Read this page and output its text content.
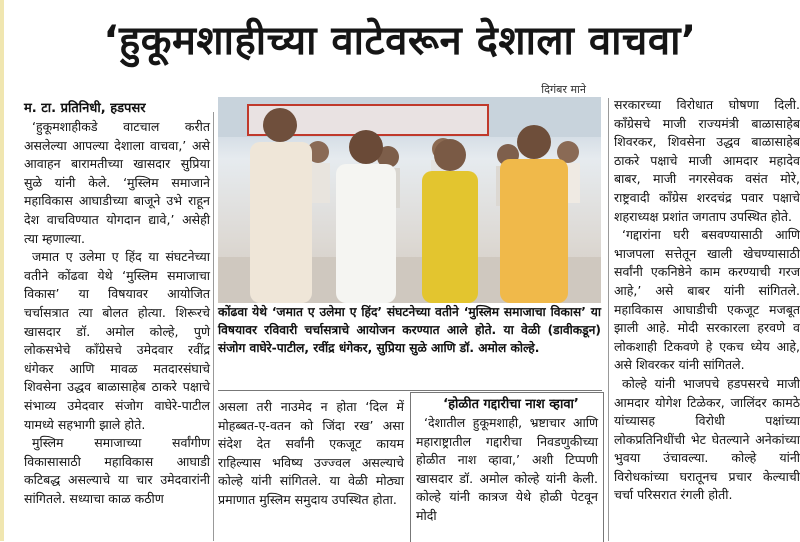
‘हुकूमशाहीच्या वाटेवरून देशाला वाचवा’
म. टा. प्रतिनिधी, हडपसर
दिगंबर माने

‘हुकूमशाहीकडे वाटचाल करीत असलेल्या आपल्या देशाला वाचवा,’ असे आवाहन बारामतीच्या खासदार सुप्रिया सुळे यांनी केले. ‘मुस्लिम समाजाने महाविकास आघाडीच्या बाजूने उभे राहून देश वाचविण्यात योगदान द्यावे,’ असेही त्या म्हणाल्या.

जमात ए उलेमा ए हिंद या संघटनेच्या वतीने कोंढवा येथे ‘मुस्लिम समाजाचा विकास’ या विषयावर आयोजित चर्चासत्रात त्या बोलत होत्या. शिरूरचे खासदार डॉ. अमोल कोल्हे, पुणे लोकसभेचे काँग्रेसचे उमेदवार रवींद्र धंगेकर आणि मावळ मतदारसंघाचे शिवसेना उद्धव बाळासाहेब ठाकरे पक्षाचे संभाव्य उमेदवार संजोग वाघेरे-पाटील यामध्ये सहभागी झाले होते.

मुस्लिम समाजाच्या सर्वांगीण विकासासाठी महाविकास आघाडी कटिबद्ध असल्याचे या चार उमेदवारांनी सांगितले. सध्याचा काळ कठीण

कोंढवा येथे ‘जमात ए उलेमा ए हिंद’ संघटनेच्या वतीने ‘मुस्लिम समाजाचा विकास’ या विषयावर रविवारी चर्चासत्राचे आयोजन करण्यात आले होते. या वेळी (डावीकडून) संजोग वाघेरे-पाटील, रवींद्र धंगेकर, सुप्रिया सुळे आणि डॉ. अमोल कोल्हे.

असला तरी नाउमेद न होता ‘दिल में मोहब्बत-ए-वतन को जिंदा रख’ असा संदेश देत सर्वांनी एकजूट कायम राहिल्यास भविष्य उज्ज्वल असल्याचे कोल्हे यांनी सांगितले. या वेळी मोठ्या प्रमाणात मुस्लिम समुदाय उपस्थित होता.

‘होळीत गद्दारीचा नाश व्हावा’

‘देशातील हुकूमशाही, भ्रष्टाचार आणि महाराष्ट्रातील गद्दारीचा निवडणुकीच्या होळीत नाश व्हावा,’ अशी टिप्पणी खासदार डॉ. अमोल कोल्हे यांनी केली. कोल्हे यांनी कात्रज येथे होळी पेटवून मोदी

सरकारच्या विरोधात घोषणा दिली. काँग्रेसचे माजी राज्यमंत्री बाळासाहेब शिवरकर, शिवसेना उद्धव बाळासाहेब ठाकरे पक्षाचे माजी आमदार महादेव बाबर, माजी नगरसेवक वसंत मोरे, राष्ट्रवादी काँग्रेस शरदचंद्र पवार पक्षाचे शहराध्यक्ष प्रशांत जगताप उपस्थित होते.

‘गद्दारांना घरी बसवण्यासाठी आणि भाजपला सत्तेतून खाली खेचण्यासाठी सर्वांनी एकनिष्ठेने काम करण्याची गरज आहे,’ असे बाबर यांनी सांगितले. महाविकास आघाडीची एकजूट मजबूत झाली आहे. मोदी सरकारला हरवणे व लोकशाही टिकवणे हे एकच ध्येय आहे, असे शिवरकर यांनी सांगितले.

कोल्हे यांनी भाजपचे हडपसरचे माजी आमदार योगेश टिळेकर, जालिंदर कामठे यांच्यासह विरोधी पक्षांच्या लोकप्रतिनिधींची भेट घेतल्याने अनेकांच्या भुवया उंचावल्या. कोल्हे यांनी विरोधकांच्या घरातूनच प्रचार केल्याची चर्चा परिसरात रंगली होती.
